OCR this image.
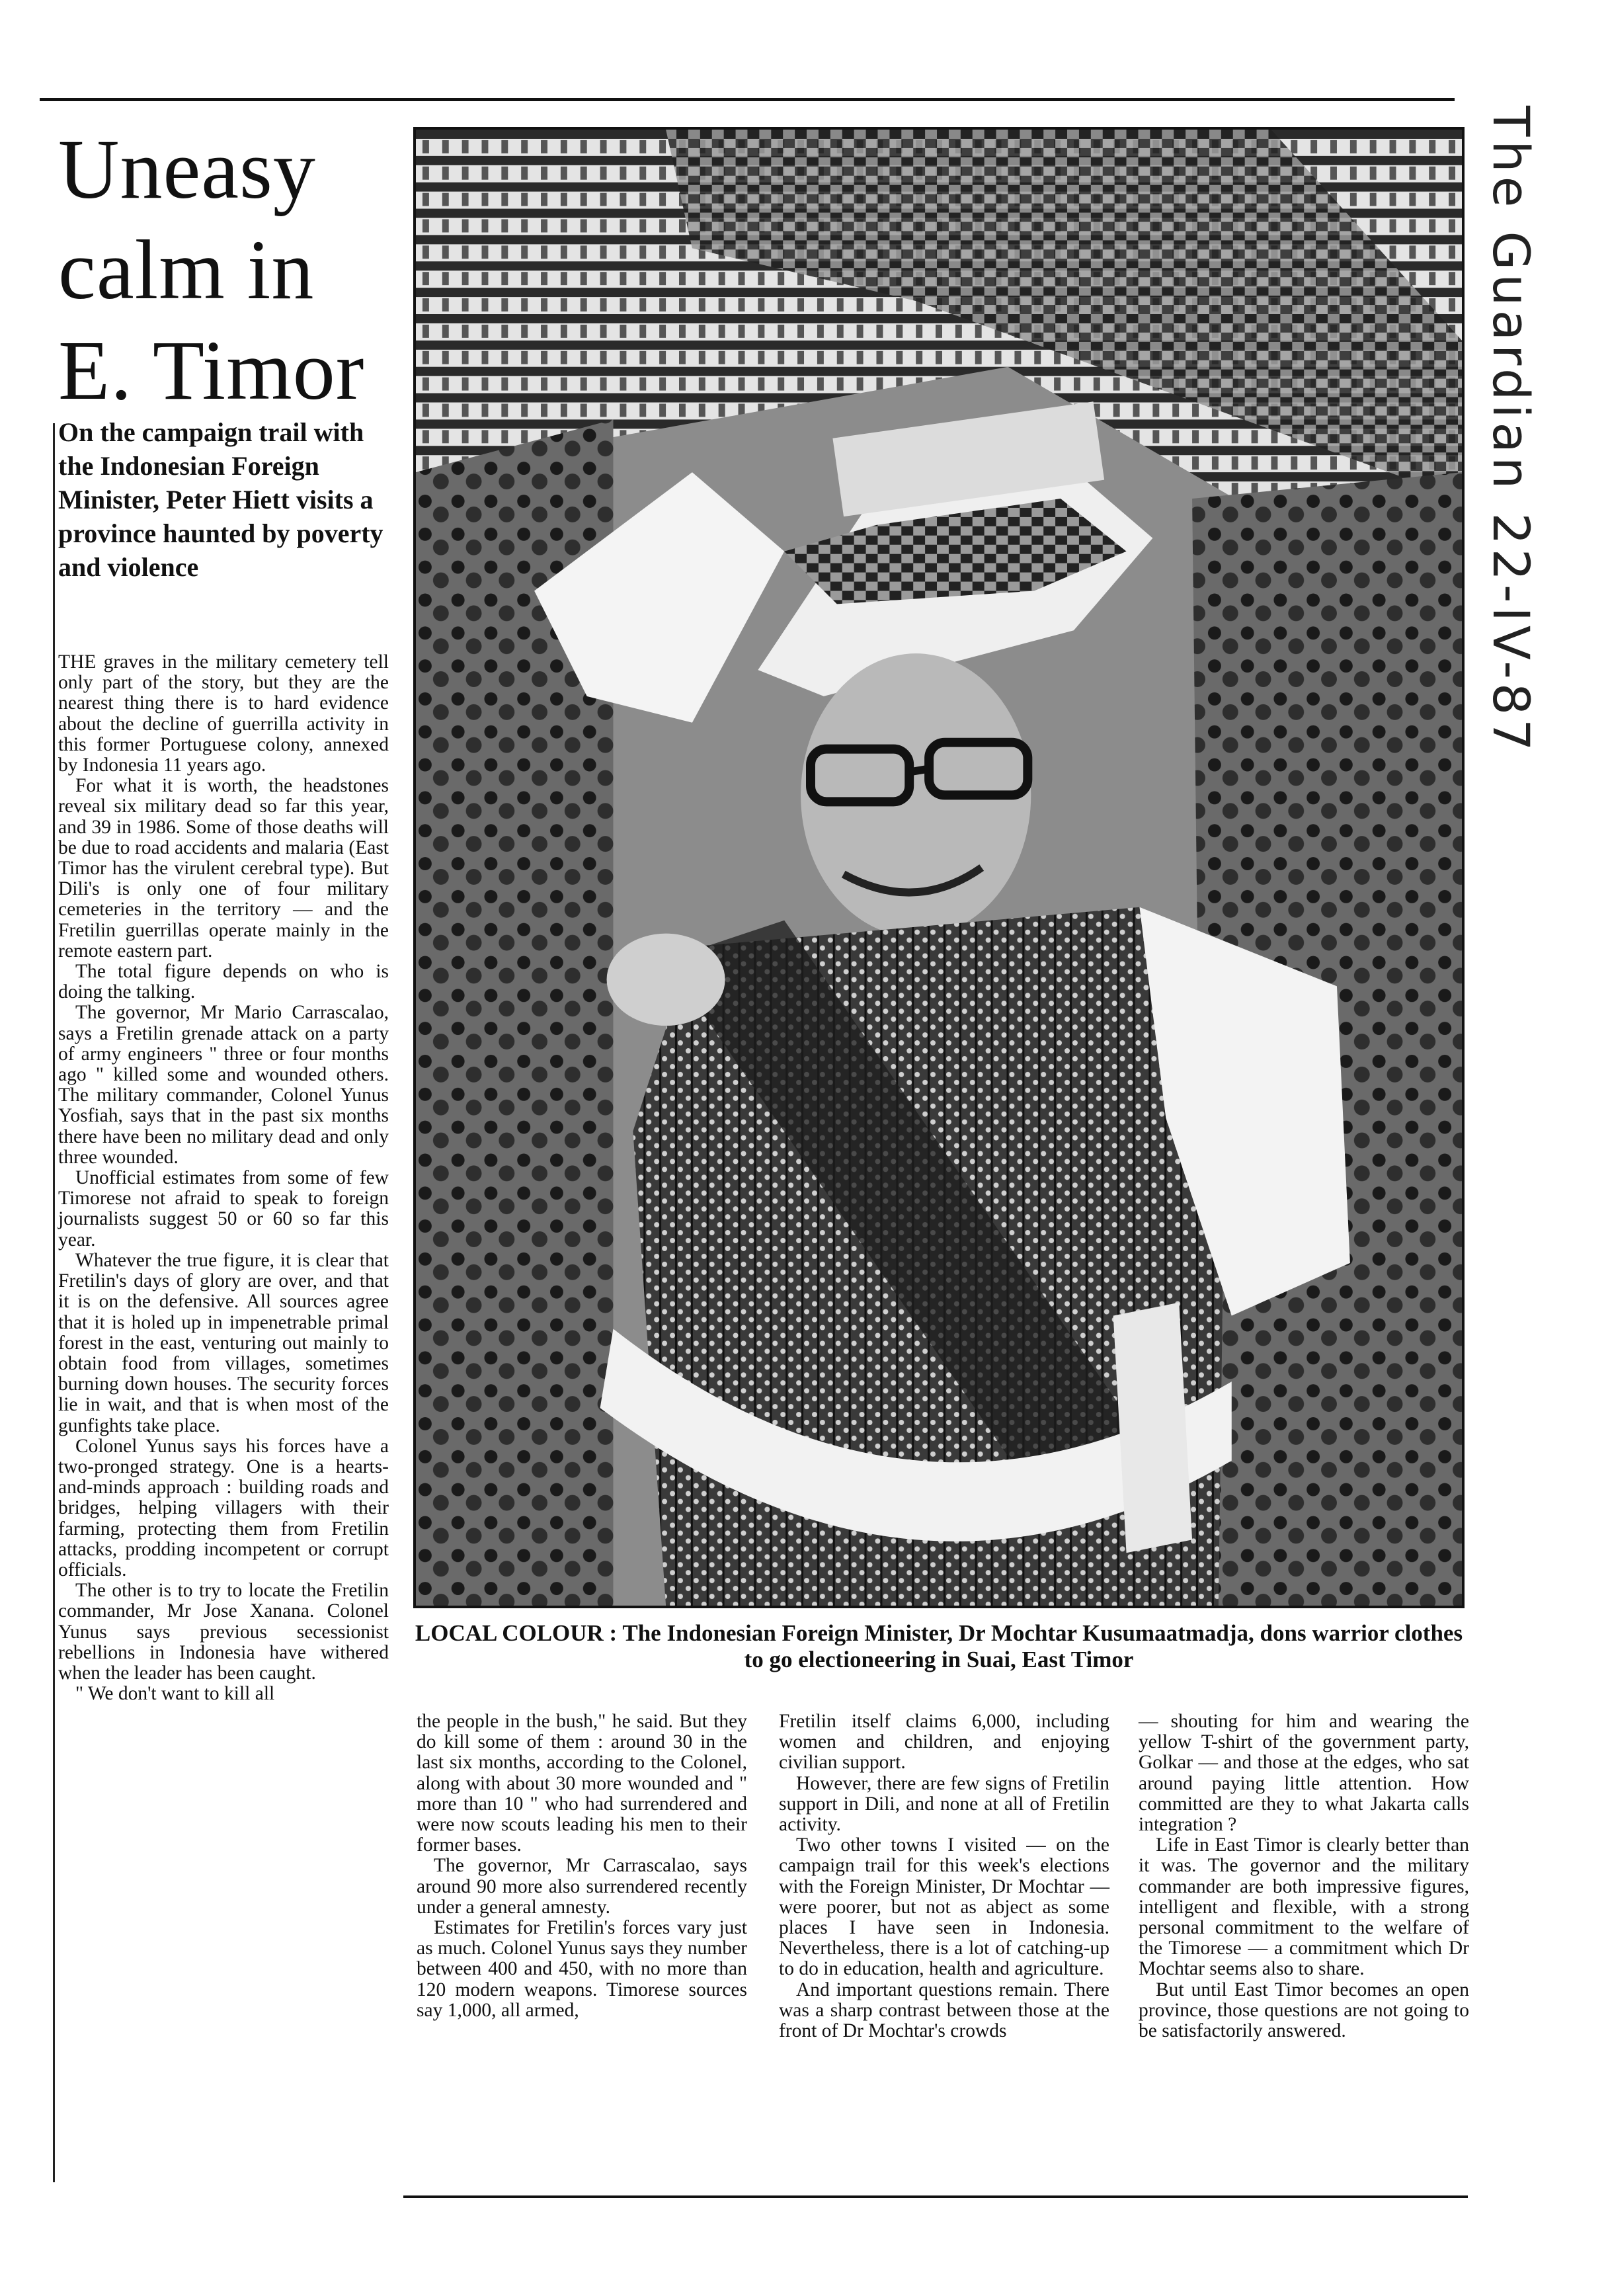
Uneasy
calm in
E. Timor

On the campaign trail with the Indonesian Foreign Minister, Peter Hiett visits a province haunted by poverty and violence

LOCAL COLOUR : The Indonesian Foreign Minister, Dr Mochtar Kusumaatmadja, dons warrior clothes to go electioneering in Suai, East Timor

The Guardian 22-IV-87

THE graves in the military cemetery tell only part of the story, but they are the nearest thing there is to hard evidence about the decline of guerrilla activity in this former Portuguese colony, annexed by Indonesia 11 years ago.

For what it is worth, the headstones reveal six military dead so far this year, and 39 in 1986. Some of those deaths will be due to road accidents and malaria (East Timor has the virulent cerebral type). But Dili's is only one of four military cemeteries in the territory — and the Fretilin guerrillas operate mainly in the remote eastern part.

The total figure depends on who is doing the talking.

The governor, Mr Mario Carrascalao, says a Fretilin grenade attack on a party of army engineers " three or four months ago " killed some and wounded others. The military commander, Colonel Yunus Yosfiah, says that in the past six months there have been no military dead and only three wounded.

Unofficial estimates from some of few Timorese not afraid to speak to foreign journalists suggest 50 or 60 so far this year.

Whatever the true figure, it is clear that Fretilin's days of glory are over, and that it is on the defensive. All sources agree that it is holed up in impenetrable primal forest in the east, venturing out mainly to obtain food from villages, sometimes burning down houses. The security forces lie in wait, and that is when most of the gunfights take place.

Colonel Yunus says his forces have a two-pronged strategy. One is a hearts-and-minds approach : building roads and bridges, helping villagers with their farming, protecting them from Fretilin attacks, prodding incompetent or corrupt officials.

The other is to try to locate the Fretilin commander, Mr Jose Xanana. Colonel Yunus says previous secessionist rebellions in Indonesia have withered when the leader has been caught.

" We don't want to kill all

the people in the bush," he said. But they do kill some of them : around 30 in the last six months, according to the Colonel, along with about 30 more wounded and " more than 10 " who had surrendered and were now scouts leading his men to their former bases.

The governor, Mr Carrascalao, says around 90 more also surrendered recently under a general amnesty.

Estimates for Fretilin's forces vary just as much. Colonel Yunus says they number between 400 and 450, with no more than 120 modern weapons. Timorese sources say 1,000, all armed,

Fretilin itself claims 6,000, including women and children, and enjoying civilian support.

However, there are few signs of Fretilin support in Dili, and none at all of Fretilin activity.

Two other towns I visited — on the campaign trail for this week's elections with the Foreign Minister, Dr Mochtar — were poorer, but not as abject as some places I have seen in Indonesia. Nevertheless, there is a lot of catching-up to do in education, health and agriculture.

And important questions remain. There was a sharp contrast between those at the front of Dr Mochtar's crowds

— shouting for him and wearing the yellow T-shirt of the government party, Golkar — and those at the edges, who sat around paying little attention. How committed are they to what Jakarta calls integration ?

Life in East Timor is clearly better than it was. The governor and the military commander are both impressive figures, intelligent and flexible, with a strong personal commitment to the welfare of the Timorese — a commitment which Dr Mochtar seems also to share.

But until East Timor becomes an open province, those questions are not going to be satisfactorily answered.
